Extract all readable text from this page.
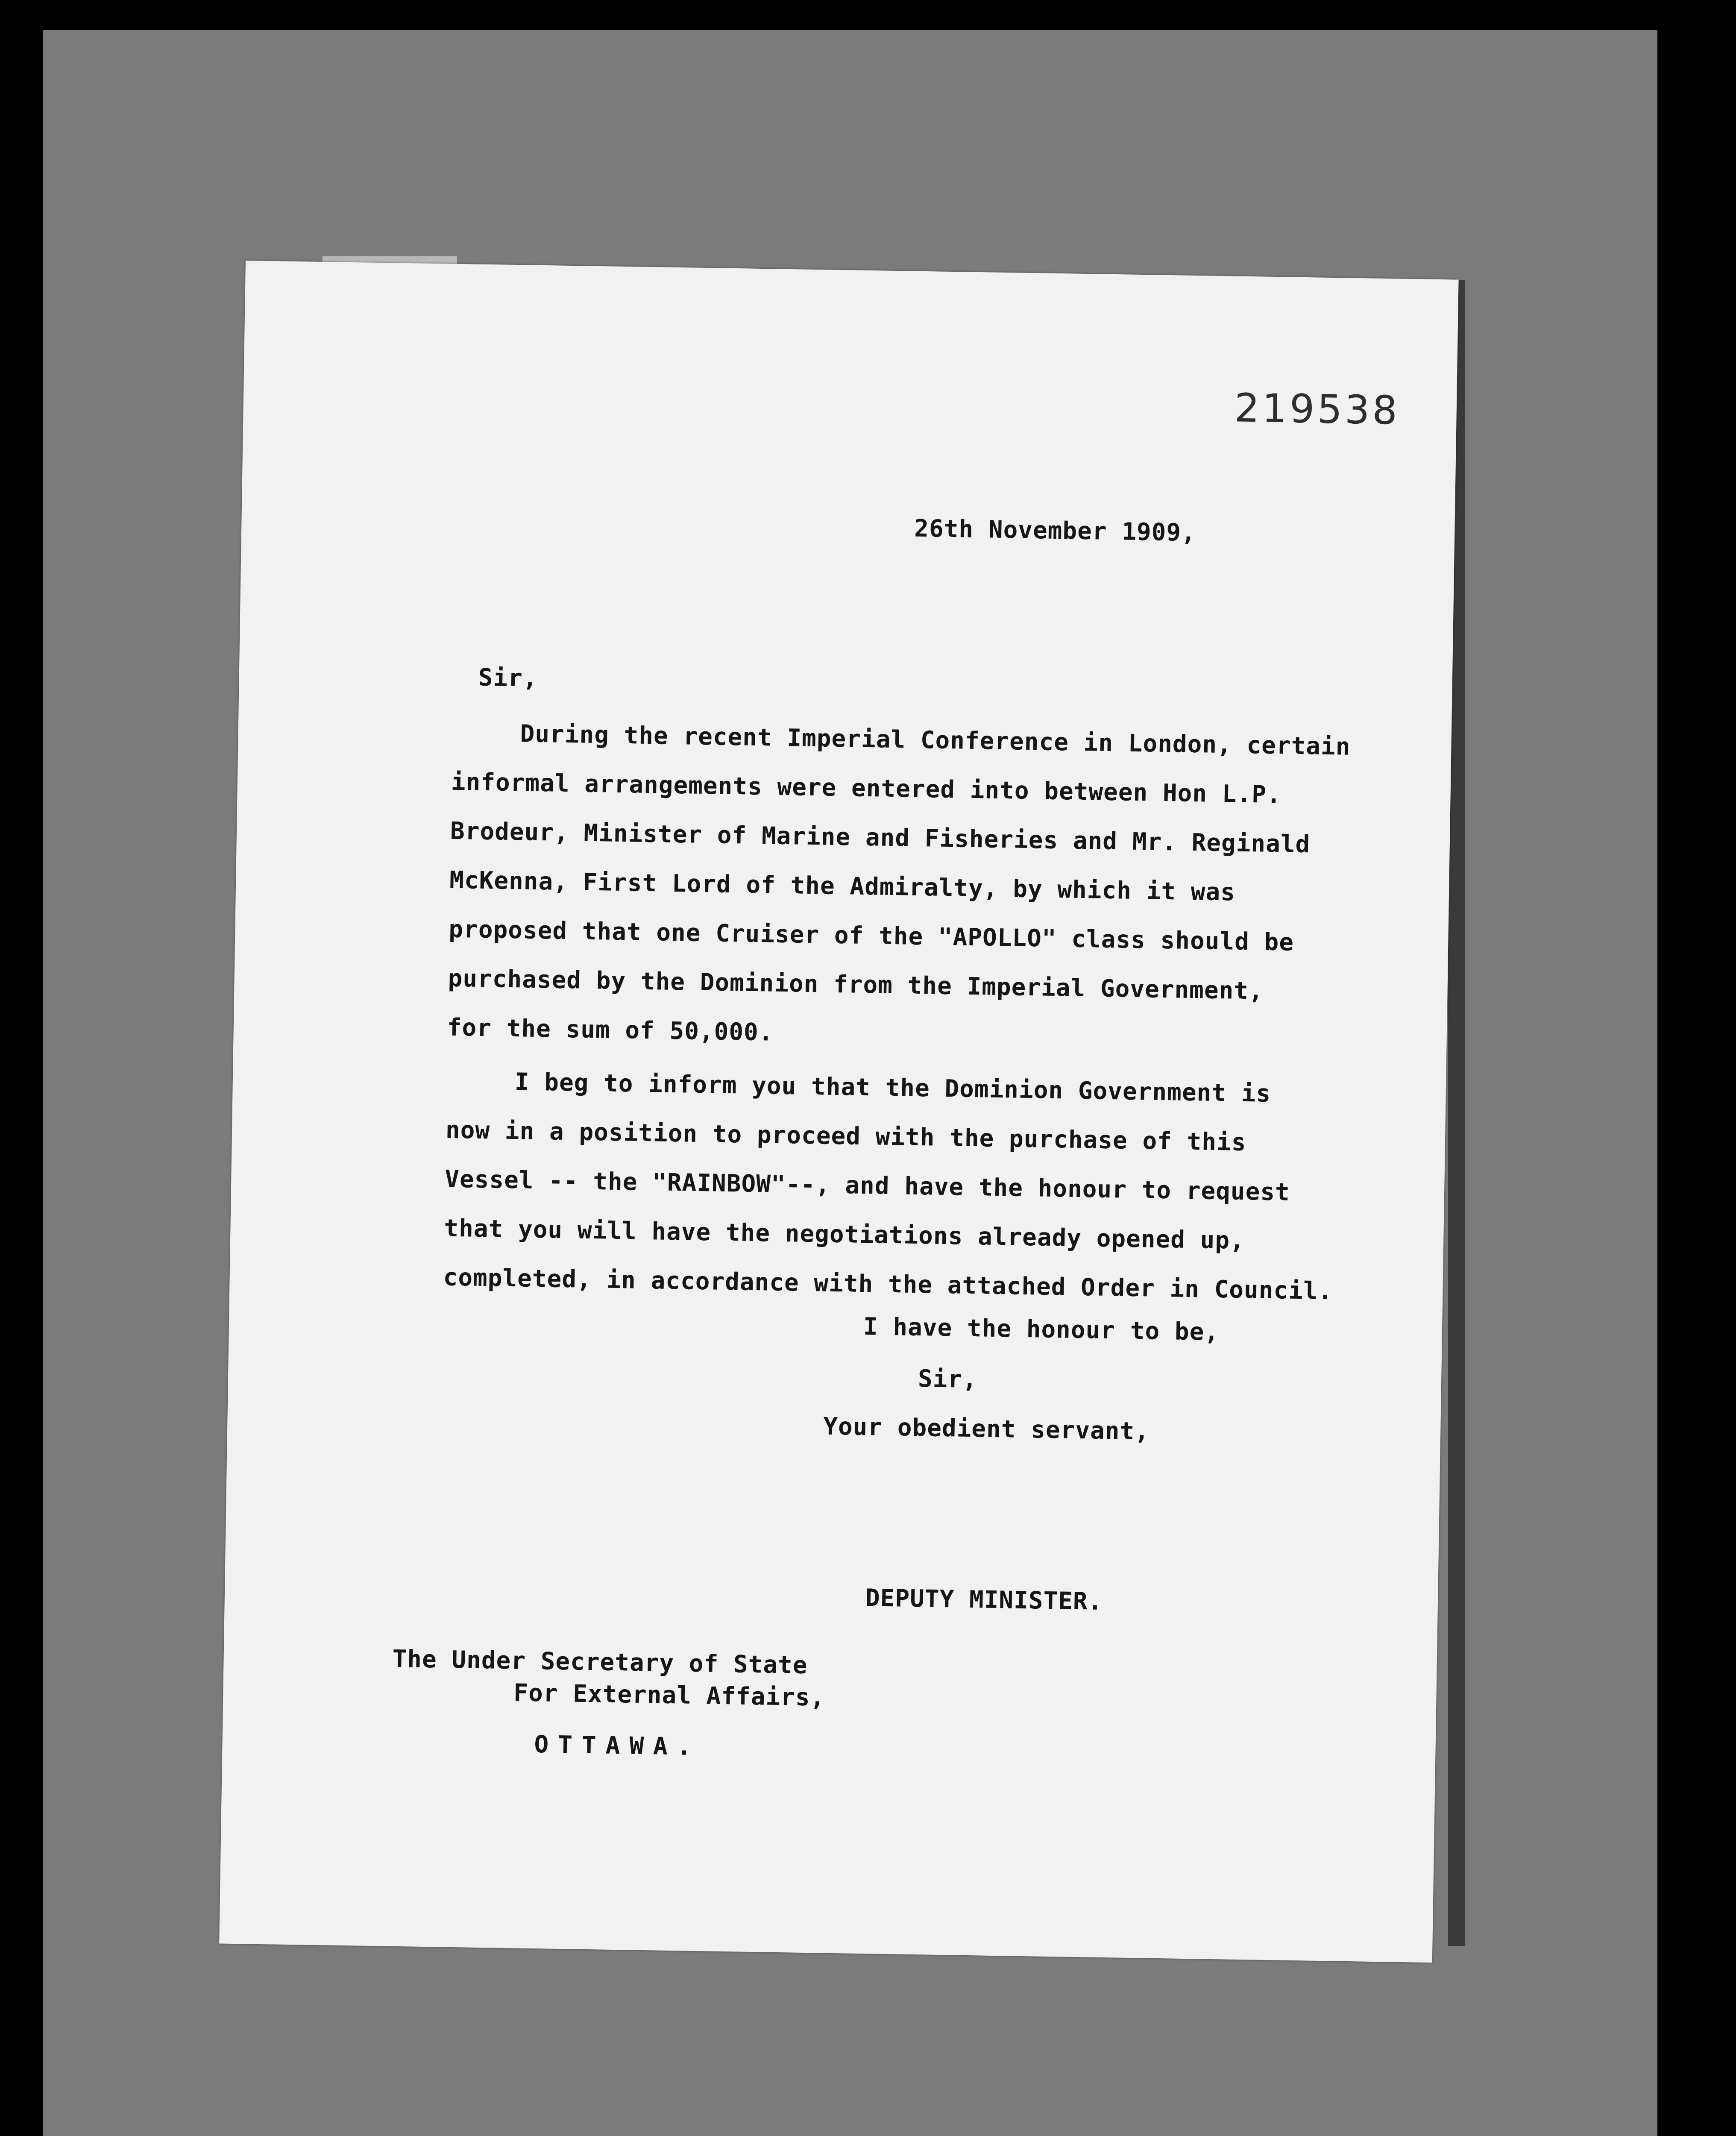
219538
26th November 1909,
Sir,
During the recent Imperial Conference in London, certain
informal arrangements were entered into between Hon L.P.
Brodeur, Minister of Marine and Fisheries and Mr. Reginald
McKenna, First Lord of the Admiralty, by which it was
proposed that one Cruiser of the "APOLLO" class should be
purchased by the Dominion from the Imperial Government,
for the sum of 50,000.
I beg to inform you that the Dominion Government is
now in a position to proceed with the purchase of this
Vessel -- the "RAINBOW"--, and have the honour to request
that you will have the negotiations already opened up,
completed, in accordance with the attached Order in Council.
I have the honour to be,
Sir,
Your obedient servant,
DEPUTY MINISTER.
The Under Secretary of State
For External Affairs,
OTTAWA.
